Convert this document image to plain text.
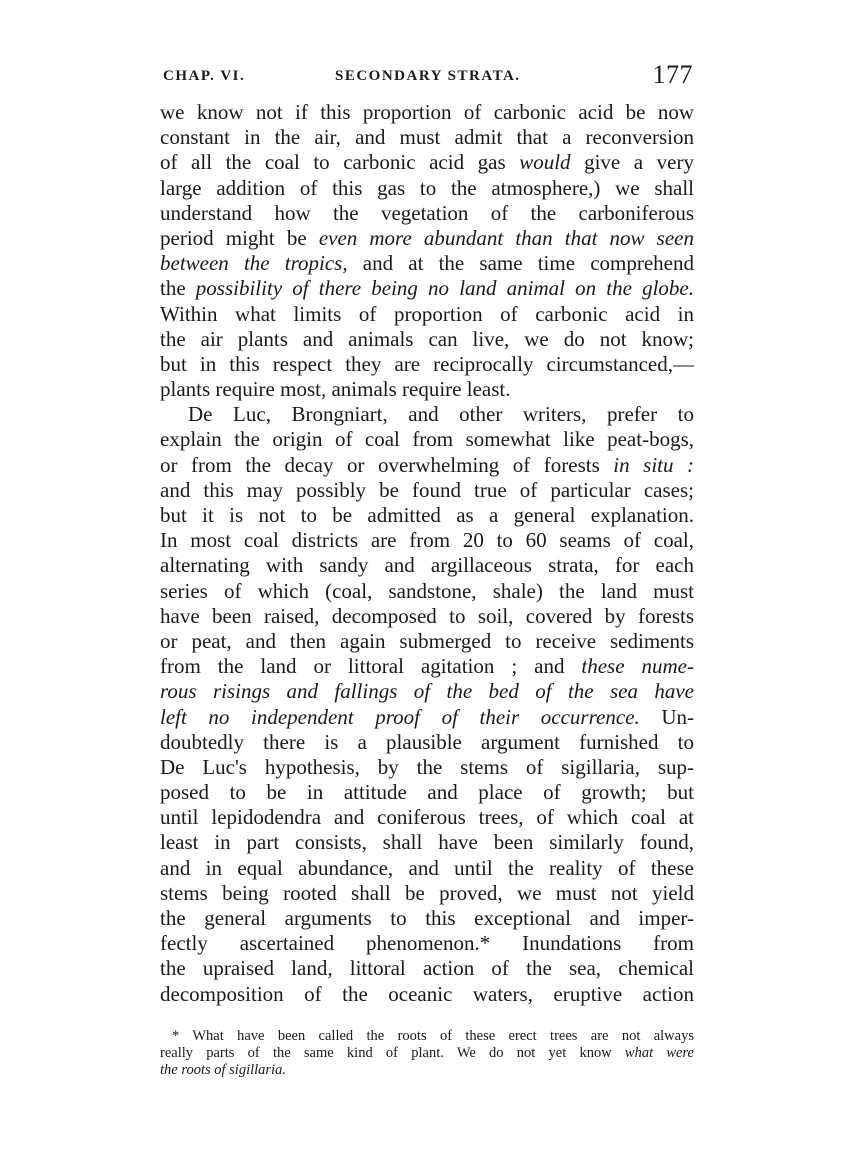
CHAP. VI.	SECONDARY STRATA.	177
we know not if this proportion of carbonic acid be now
constant in the air, and must admit that a reconversion
of all the coal to carbonic acid gas would give a very
large addition of this gas to the atmosphere,) we shall
understand how the vegetation of the carboniferous
period might be even more abundant than that now seen
between the tropics, and at the same time comprehend
the possibility of there being no land animal on the globe.
Within what limits of proportion of carbonic acid in
the air plants and animals can live, we do not know;
but in this respect they are reciprocally circumstanced,—
plants require most, animals require least.
De Luc, Brongniart, and other writers, prefer to
explain the origin of coal from somewhat like peat-bogs,
or from the decay or overwhelming of forests in situ :
and this may possibly be found true of particular cases;
but it is not to be admitted as a general explanation.
In most coal districts are from 20 to 60 seams of coal,
alternating with sandy and argillaceous strata, for each
series of which (coal, sandstone, shale) the land must
have been raised, decomposed to soil, covered by forests
or peat, and then again submerged to receive sediments
from the land or littoral agitation ; and these nume-
rous risings and fallings of the bed of the sea have
left no independent proof of their occurrence. Un-
doubtedly there is a plausible argument furnished to
De Luc's hypothesis, by the stems of sigillaria, sup-
posed to be in attitude and place of growth; but
until lepidodendra and coniferous trees, of which coal at
least in part consists, shall have been similarly found,
and in equal abundance, and until the reality of these
stems being rooted shall be proved, we must not yield
the general arguments to this exceptional and imper-
fectly ascertained phenomenon.* Inundations from
the upraised land, littoral action of the sea, chemical
decomposition of the oceanic waters, eruptive action
* What have been called the roots of these erect trees are not always
really parts of the same kind of plant. We do not yet know what were
the roots of sigillaria.
